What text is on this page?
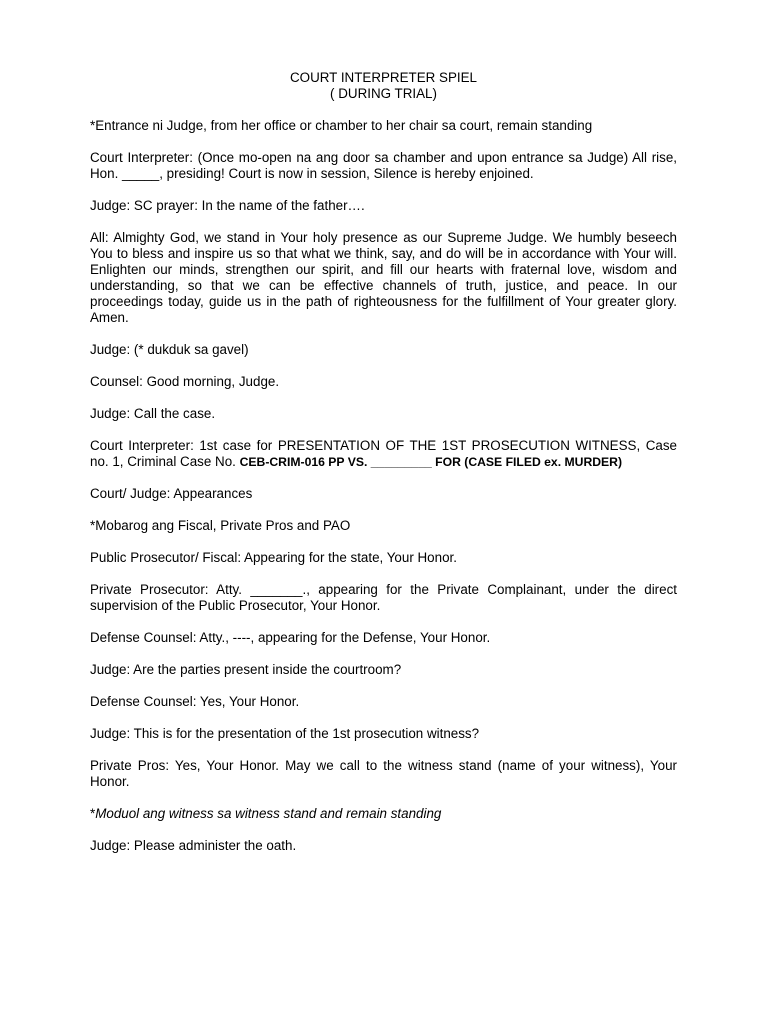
COURT INTERPRETER SPIEL
( DURING TRIAL)

*Entrance ni Judge, from her office or chamber to her chair sa court, remain standing

Court Interpreter: (Once mo-open na ang door sa chamber and upon entrance sa Judge) All rise, Hon. _____, presiding! Court is now in session, Silence is hereby enjoined.

Judge: SC prayer: In the name of the father….

All: Almighty God, we stand in Your holy presence as our Supreme Judge. We humbly beseech You to bless and inspire us so that what we think, say, and do will be in accordance with Your will. Enlighten our minds, strengthen our spirit, and fill our hearts with fraternal love, wisdom and understanding, so that we can be effective channels of truth, justice, and peace. In our proceedings today, guide us in the path of righteousness for the fulfillment of Your greater glory. Amen.

Judge: (* dukduk sa gavel)

Counsel: Good morning, Judge.

Judge: Call the case.

Court Interpreter: 1st case for PRESENTATION OF THE 1ST PROSECUTION WITNESS, Case no. 1, Criminal Case No. CEB-CRIM-016 PP VS. _________ FOR (CASE FILED ex. MURDER)

Court/ Judge: Appearances

*Mobarog ang Fiscal, Private Pros and PAO

Public Prosecutor/ Fiscal: Appearing for the state, Your Honor.

Private Prosecutor: Atty. _______., appearing for the Private Complainant, under the direct supervision of the Public Prosecutor, Your Honor.

Defense Counsel: Atty., ----, appearing for the Defense, Your Honor.

Judge: Are the parties present inside the courtroom?

Defense Counsel: Yes, Your Honor.

Judge: This is for the presentation of the 1st prosecution witness?

Private Pros: Yes, Your Honor. May we call to the witness stand (name of your witness), Your Honor.

*Moduol ang witness sa witness stand and remain standing

Judge: Please administer the oath.
